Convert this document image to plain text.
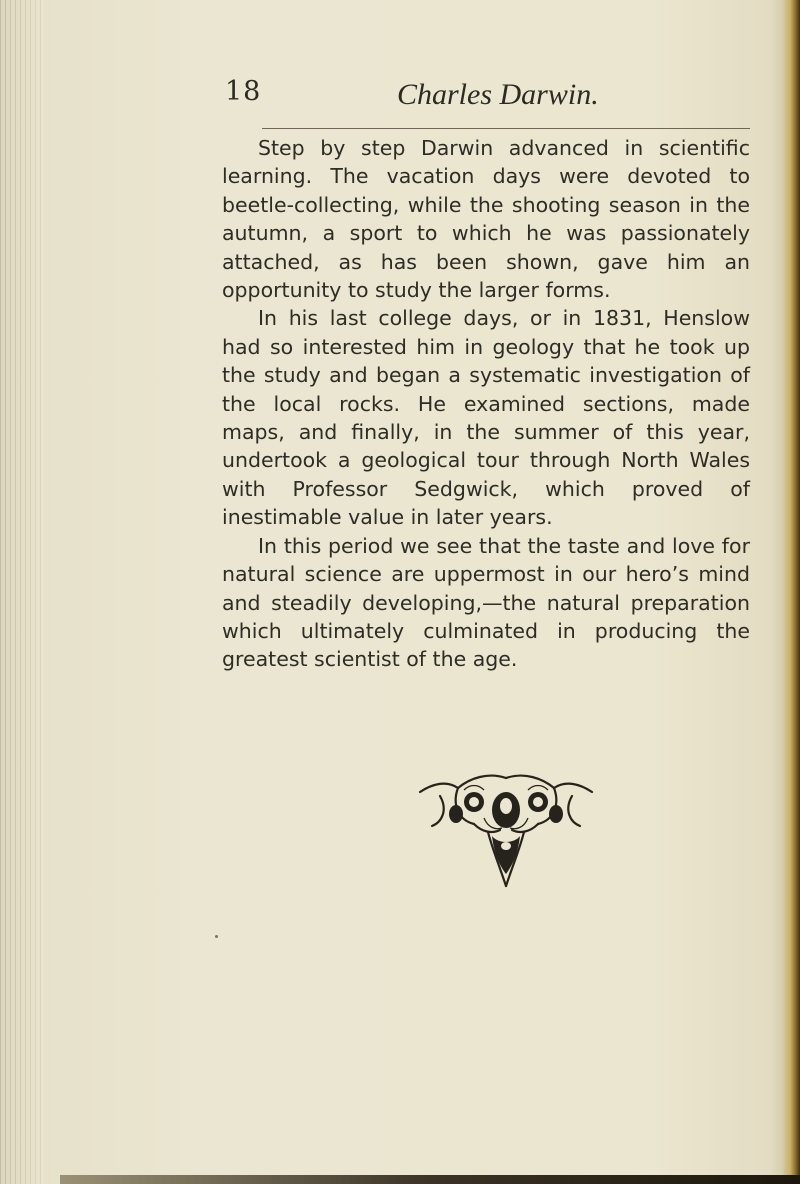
18	Charles Darwin.

Step by step Darwin advanced in scientific learning. The vacation days were devoted to beetle-collecting, while the shooting season in the autumn, a sport to which he was passionately attached, as has been shown, gave him an opportunity to study the larger forms.

In his last college days, or in 1831, Henslow had so interested him in geology that he took up the study and began a systematic investigation of the local rocks. He examined sections, made maps, and finally, in the summer of this year, undertook a geological tour through North Wales with Professor Sedgwick, which proved of inestimable value in later years.

In this period we see that the taste and love for natural science are uppermost in our hero’s mind and steadily developing,—the natural preparation which ultimately culminated in producing the greatest scientist of the age.
